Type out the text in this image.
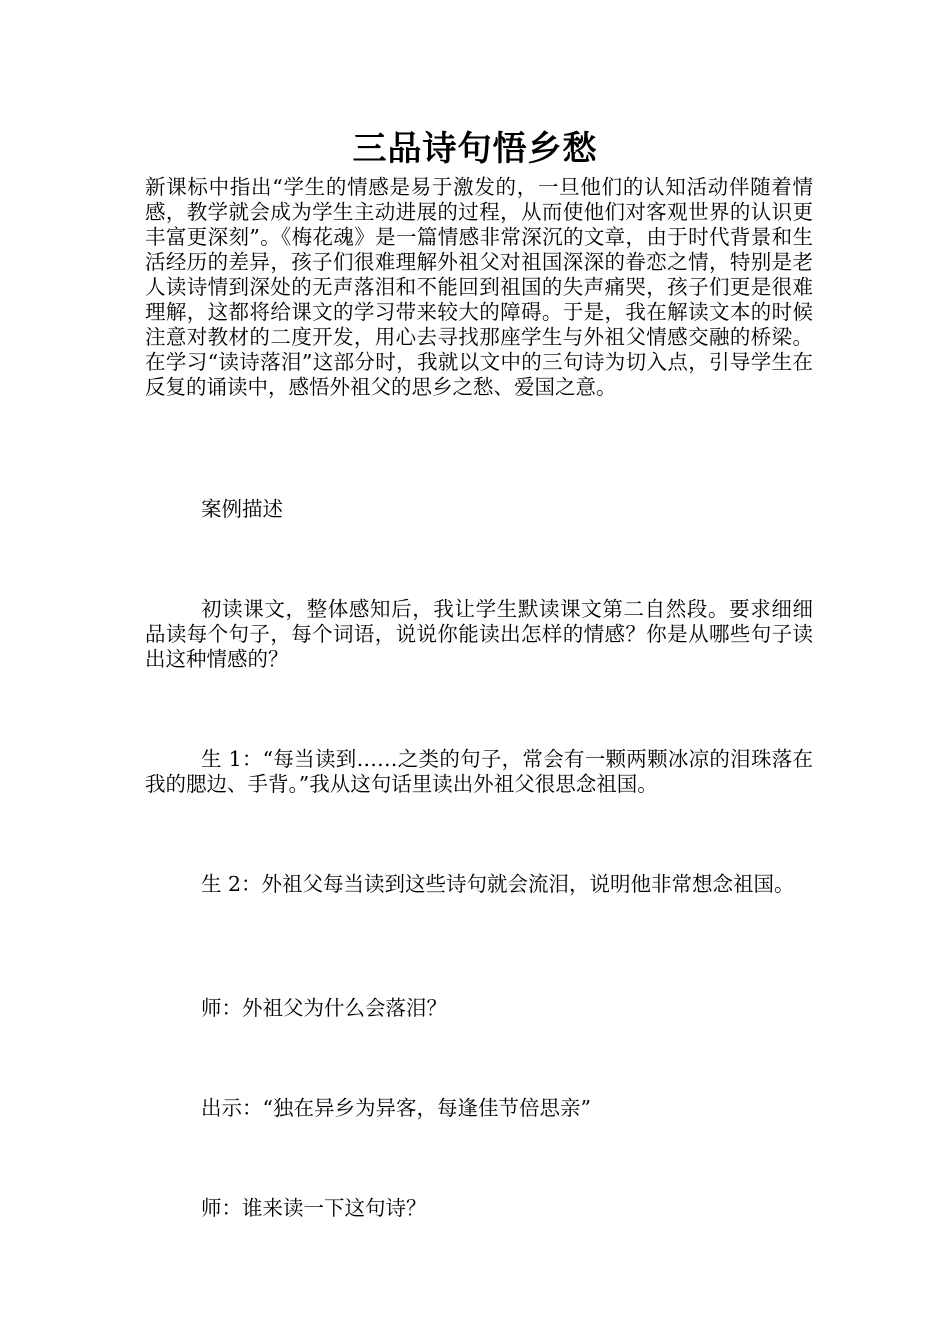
三品诗句悟乡愁

新课标中指出“学生的情感是易于激发的，一旦他们的认知活动伴随着情感，教学就会成为学生主动进展的过程，从而使他们对客观世界的认识更丰富更深刻”。《梅花魂》是一篇情感非常深沉的文章，由于时代背景和生活经历的差异，孩子们很难理解外祖父对祖国深深的眷恋之情，特别是老人读诗情到深处的无声落泪和不能回到祖国的失声痛哭，孩子们更是很难理解，这都将给课文的学习带来较大的障碍。于是，我在解读文本的时候注意对教材的二度开发，用心去寻找那座学生与外祖父情感交融的桥梁。在学习“读诗落泪”这部分时，我就以文中的三句诗为切入点，引导学生在反复的诵读中，感悟外祖父的思乡之愁、爱国之意。

案例描述

初读课文，整体感知后，我让学生默读课文第二自然段。要求细细品读每个句子，每个词语，说说你能读出怎样的情感？你是从哪些句子读出这种情感的？

生 1：“每当读到……之类的句子，常会有一颗两颗冰凉的泪珠落在我的腮边、手背。”我从这句话里读出外祖父很思念祖国。

生 2：外祖父每当读到这些诗句就会流泪，说明他非常想念祖国。

师：外祖父为什么会落泪？

出示：“独在异乡为异客，每逢佳节倍思亲”

师：谁来读一下这句诗？
